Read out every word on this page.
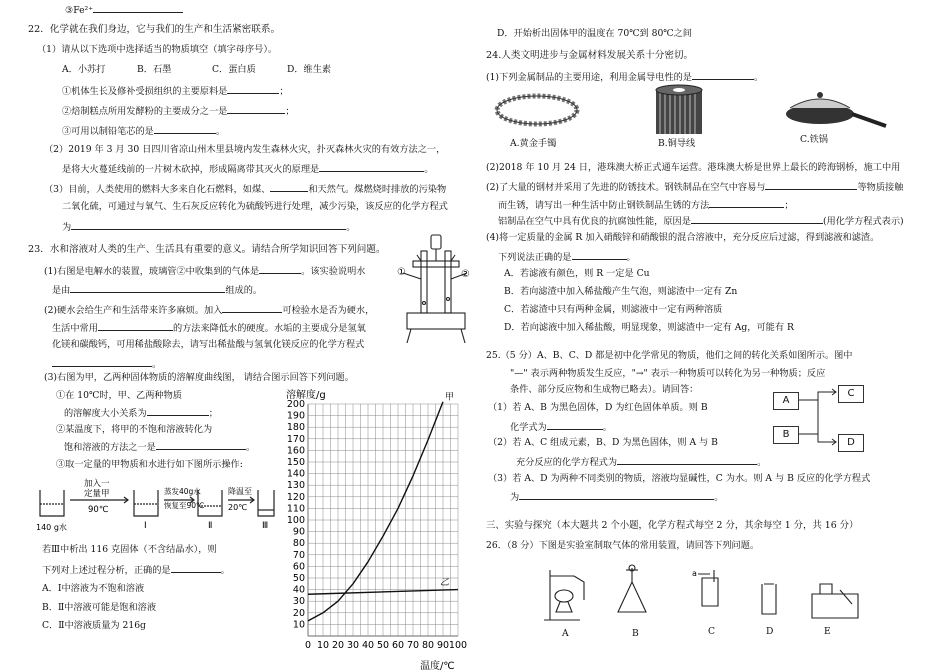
③Fe²⁺
22．化学就在我们身边，它与我们的生产和生活紧密联系。
（1）请从以下选项中选择适当的物质填空（填字母序号）。
A．小苏打	B．石墨	C．蛋白质	D．维生素
①机体生长及修补受损组织的主要原料是	；
②焙制糕点所用发酵粉的主要成分之一是	；
③可用以制铅笔芯的是	。
（2）2019 年 3 月 30 日四川省凉山州木里县境内发生森林火灾，扑灭森林火灾的有效方法之一，
是将大火蔓延线前的一片树木砍掉，形成隔离带其灭火的原理是	。
（3）目前，人类使用的燃料大多来自化石燃料，如煤、	和天然气。煤燃烧时排放的污染物
二氧化硫，可通过与氧气、生石灰反应转化为硫酸钙进行处理，减少污染，该反应的化学方程式
为	。
23．水和溶液对人类的生产、生活具有重要的意义。请结合所学知识回答下列问题。
(1)右图是电解水的装置，玻璃管②中收集到的气体是	。该实验说明水
是由	组成的。
(2)硬水会给生产和生活带来许多麻烦。加入	可检验水是否为硬水，
生活中常用	的方法来降低水的硬度。水垢的主要成分是氢氧
化镁和碳酸钙，可用稀盐酸除去，请写出稀盐酸与氢氧化镁反应的化学方程式
。
①	②
(3)右图为甲，乙两种固体物质的溶解度曲线图， 请结合图示回答下列问题。
①在 10℃时，甲、乙两种物质
的溶解度大小关系为	；
②某温度下，将甲的不饱和溶液转化为
饱和溶液的方法之一是	。
③取一定量的甲物质和水进行如下图所示操作:
加入一
定量甲
90℃
蒸发40g水
恢复至90℃
降温至
20℃
140 g水	Ⅰ	Ⅱ	Ⅲ
若Ⅲ中析出 116 克固体（不含结晶水），则
下列对上述过程分析，正确的是	。
A．Ⅰ中溶液为不饱和溶液
B．Ⅱ中溶液可能是饱和溶液
C．Ⅱ中溶液质量为 216g	10
20
30
40
50
60
70
80
90
100
110
120
130
140
150
160
170
180
190
200
0 10 20 30 40 50 60 70 80 90 100
溶解度/g
温度/℃
甲
乙
D．开始析出固体甲的温度在 70℃到 80℃之间
24.人类文明进步与金属材料发展关系十分密切。
(1)下列金属制品的主要用途，利用金属导电性的是	。
A.黄金手镯	B.铜导线	C.铁锅
(2)2018 年 10 月 24 日，港珠澳大桥正式通车运营。港珠澳大桥是世界上最长的跨海钢桥，施工中用
(2)了大量的钢材并采用了先进的防锈技术。钢铁制品在空气中容易与	等物质接触
而生锈，请写出一种生活中防止钢铁制品生锈的方法	；
铝制品在空气中具有优良的抗腐蚀性能，原因是	(用化学方程式表示)
(4)将一定质量的金属 R 加入硝酸锌和硝酸银的混合溶液中，充分反应后过滤，得到滤液和滤渣。
下列说法正确的是	。
A．若滤液有颜色，则 R 一定是 Cu
B．若向滤渣中加入稀盐酸产生气泡，则滤渣中一定有 Zn
C．若滤渣中只有两种金属，则滤液中一定有两种溶质
D．若向滤液中加入稀盐酸，明显现象，则滤渣中一定有 Ag，可能有 R
25.（5 分）A、B、C、D 都是初中化学常见的物质，他们之间的转化关系如图所示。图中
"—" 表示两种物质发生反应，"→" 表示一种物质可以转化为另一种物质；反应
条件、部分反应物和生成物已略去）。请回答：
（1）若 A、B 为黑色固体，D 为红色固体单质。则 B
化学式为	。
（2）若 A、C 组成元素，B、D 为黑色固体，则 A 与 B
充分反应的化学方程式为	。
（3）若 A、D 为两种不同类别的物质，溶液均显碱性，C 为水。则 A 与 B 反应的化学方程式
为	。
A
C
B
D
三、实验与探究（本大题共 2 个小题，化学方程式每空 2 分，其余每空 1 分，共 16 分）
26．（8 分）下图是实验室制取气体的常用装置，请回答下列问题。
a
A	B	C	D	E
